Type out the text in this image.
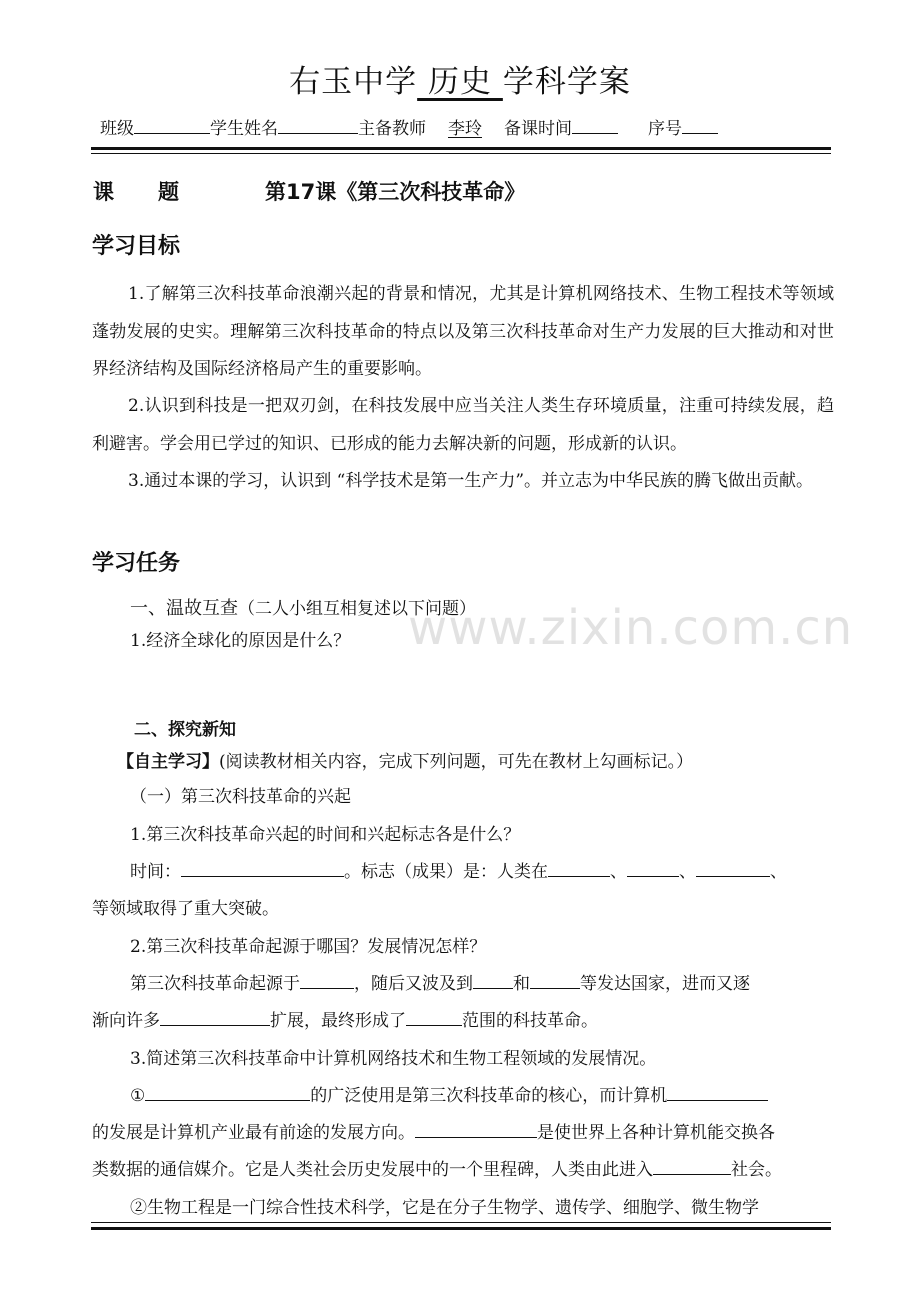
右玉中学 历史 学科学案
班级	学生姓名	主备教师 李玲 备课时间	序号
课题 第17课《第三次科技革命》
学习目标
1.了解第三次科技革命浪潮兴起的背景和情况，尤其是计算机网络技术、生物工程技术等领域蓬勃发展的史实。理解第三次科技革命的特点以及第三次科技革命对生产力发展的巨大推动和对世界经济结构及国际经济格局产生的重要影响。
2.认识到科技是一把双刃剑，在科技发展中应当关注人类生存环境质量，注重可持续发展，趋利避害。学会用已学过的知识、已形成的能力去解决新的问题，形成新的认识。
3.通过本课的学习，认识到 “科学技术是第一生产力”。并立志为中华民族的腾飞做出贡献。
学习任务
一、温故互查（二人小组互相复述以下问题）
1.经济全球化的原因是什么？
二、探究新知
【自主学习】(阅读教材相关内容，完成下列问题，可先在教材上勾画标记。）
（一）第三次科技革命的兴起
1.第三次科技革命兴起的时间和兴起标志各是什么？
时间：	。标志（成果）是：人类在	、	、	、
等领域取得了重大突破。
2.第三次科技革命起源于哪国？发展情况怎样？
第三次科技革命起源于	，随后又波及到 和	等发达国家，进而又逐
渐向许多	扩展，最终形成了	范围的科技革命。
3.简述第三次科技革命中计算机网络技术和生物工程领域的发展情况。
①	的广泛使用是第三次科技革命的核心，而计算机
的发展是计算机产业最有前途的发展方向。	是使世界上各种计算机能交换各
类数据的通信媒介。它是人类社会历史发展中的一个里程碑，人类由此进入	社会。
②生物工程是一门综合性技术科学，它是在分子生物学、遗传学、细胞学、微生物学
www.zixin.com.cn
